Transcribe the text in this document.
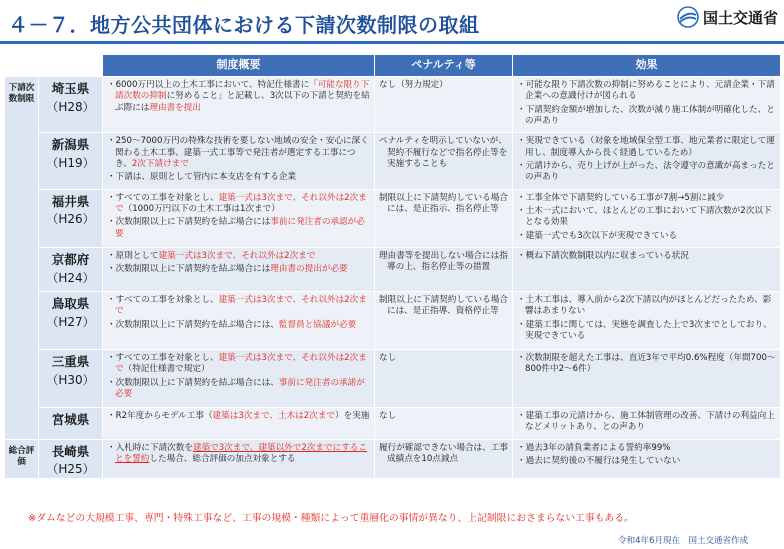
４－７．地方公共団体における下請次数制限の取組	国土交通省
		制度概要	ペナルティ等	効果
下請次数制限	埼玉県
（H28）	・6000万円以上の土木工事において、特記仕様書に「可能な限り下請次数の抑制に努めること」と記載し、3次以下の下請と契約を結ぶ際には理由書を提出	なし（努力規定）	・可能な限り下請次数の抑制に努めることにより、元請企業・下請企業への意識付けが図られる
・下請契約金額が増加した、次数が減り施工体制が明確化した、との声あり

	新潟県
（H19）	・250～7000万円の特殊な技術を要しない地域の安全・安心に深く関わる土木工事、建築一式工事等で発注者が選定する工事につき、2次下請けまで
・下請は、原則として管内に本支店を有する企業	ペナルティを明示していないが、契約不履行などで指名停止等を実施することも	・実現できている（対象を地域保全型工事、地元業者に限定して運用し、制度導入から長く経過しているため）
・元請けから、売り上げが上がった、法令遵守の意識が高まったとの声あり

	福井県
（H26）	・すべての工事を対象とし、建築一式は3次まで、それ以外は2次まで（1000万円以下の土木工事は1次まで）
・次数制限以上に下請契約を結ぶ場合には事前に発注者の承認が必要	制限以上に下請契約している場合には、是正指示、指名停止等	・工事全体で下請契約している工事が7割→5割に減少
・土木一式において、ほとんどの工事において下請次数が2次以下となる効果
・建築一式でも3次以下が実現できている

	京都府
（H24）	・原則として建築一式は3次まで、それ以外は2次まで
・次数制限以上に下請契約を結ぶ場合には理由書の提出が必要	理由書等を提出しない場合には指導の上、指名停止等の措置	・概ね下請次数制限以内に収まっている状況

	鳥取県
（H27）	・すべての工事を対象とし、建築一式は3次まで、それ以外は2次まで
・次数制限以上に下請契約を結ぶ場合には、監督員と協議が必要	制限以上に下請契約している場合には、是正指導、資格停止等	・土木工事は、導入前から2次下請以内がほとんどだったため、影響はあまりない
・建築工事に関しては、実態を調査した上で3次までとしており、実現できている

	三重県
（H30）	・すべての工事を対象とし、建築一式は3次まで、それ以外は2次まで（特記仕様書で規定）
・次数制限以上に下請契約を結ぶ場合には、事前に発注者の承諾が必要	なし	・次数制限を超えた工事は、直近3年で平均0.6%程度（年間700～800件中2～6件）

	宮城県	・R2年度からモデル工事（建築は3次まで、土木は2次まで）を実施	なし	・建築工事の元請けから、施工体制管理の改善、下請けの利益向上などメリットあり、との声あり

総合評価	長崎県
（H25）	・入札時に下請次数を建築で3次まで、建築以外で2次までにすることを誓約した場合、総合評価の加点対象とする	履行が確認できない場合は、工事成績点を10点減点	・過去3年の請負業者による誓約率99%
・過去に契約後の不履行は発生していない
※ダムなどの大規模工事、専門・特殊工事など、工事の規模・種類によって重層化の事情が異なり、上記制限におさまらない工事もある。
令和4年6月現在　国土交通省作成
